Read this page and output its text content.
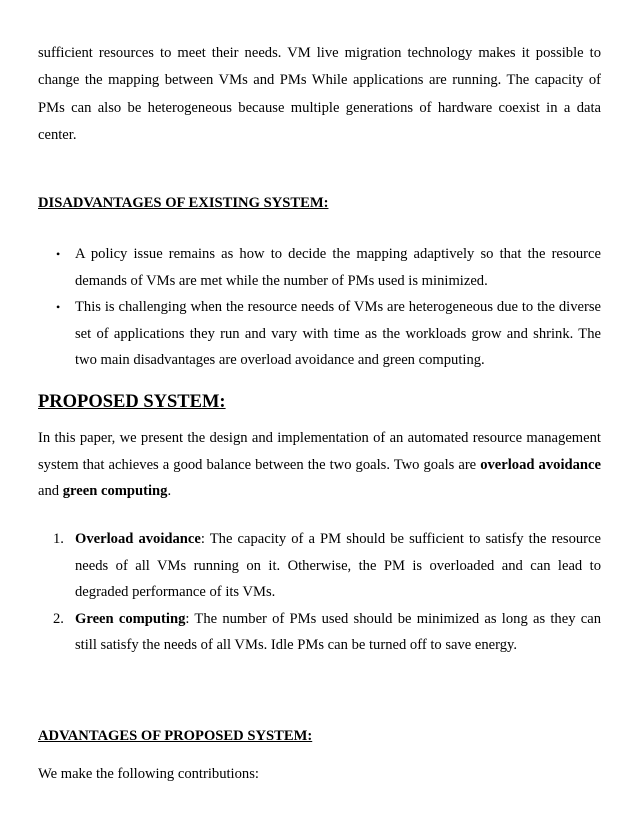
sufficient resources to meet their needs. VM live migration technology makes it possible to change the mapping between VMs and PMs While applications are running. The capacity of PMs can also be heterogeneous because multiple generations of hardware coexist in a data center.

DISADVANTAGES OF EXISTING SYSTEM:
• A policy issue remains as how to decide the mapping adaptively so that the resource demands of VMs are met while the number of PMs used is minimized.

• This is challenging when the resource needs of VMs are heterogeneous due to the diverse set of applications they run and vary with time as the workloads grow and shrink. The two main disadvantages are overload avoidance and green computing.

PROPOSED SYSTEM:

In this paper, we present the design and implementation of an automated resource management system that achieves a good balance between the two goals. Two goals are overload avoidance and green computing.

1. Overload avoidance: The capacity of a PM should be sufficient to satisfy the resource needs of all VMs running on it. Otherwise, the PM is overloaded and can lead to degraded performance of its VMs.

2. Green computing: The number of PMs used should be minimized as long as they can still satisfy the needs of all VMs. Idle PMs can be turned off to save energy.

ADVANTAGES OF PROPOSED SYSTEM:

We make the following contributions:
